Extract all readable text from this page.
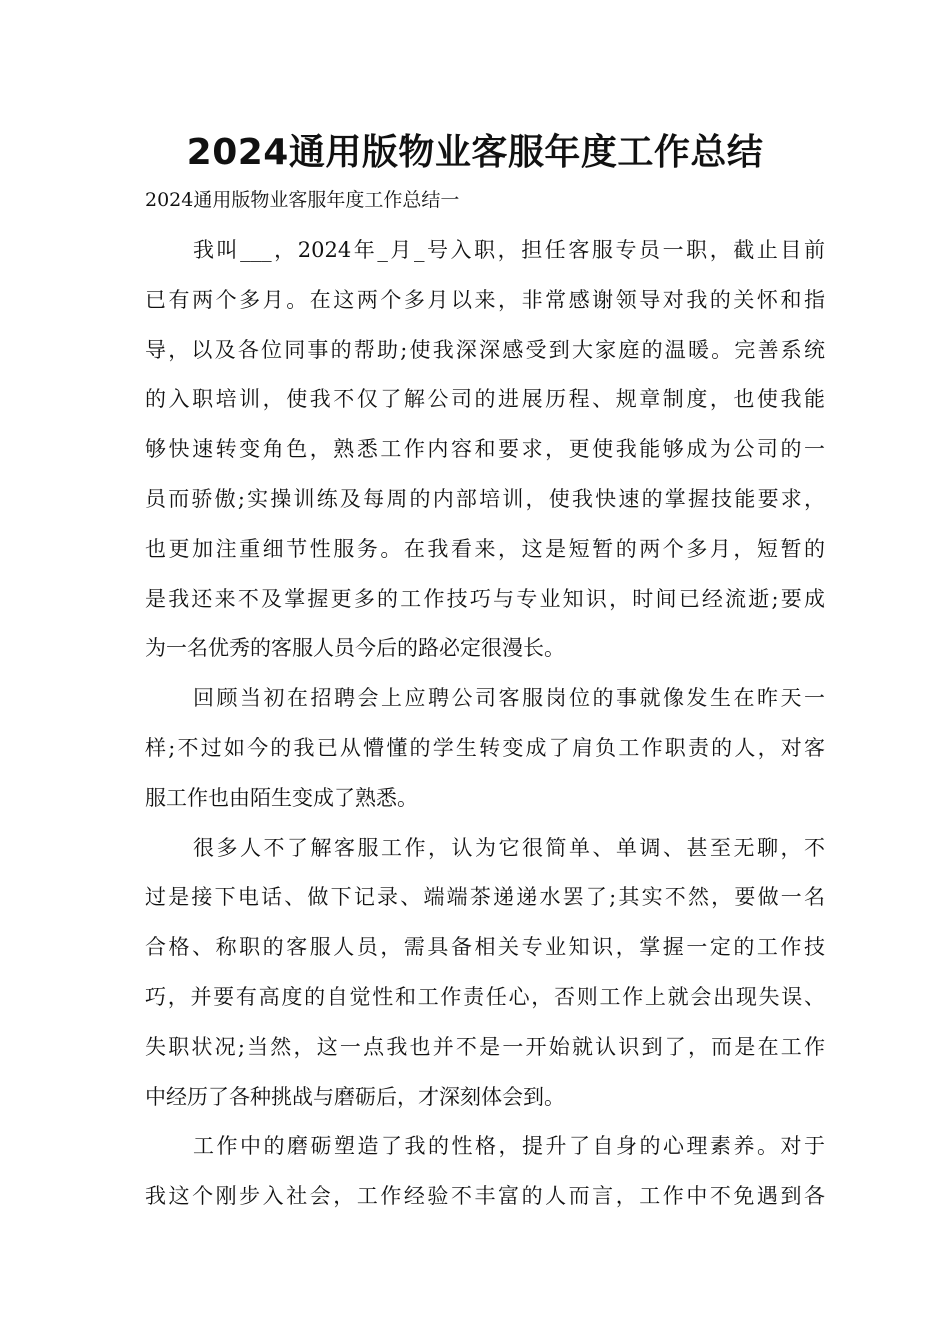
2024通用版物业客服年度工作总结

2024通用版物业客服年度工作总结一

我叫___，2024年_月_号入职，担任客服专员一职，截止目前

已有两个多月。在这两个多月以来，非常感谢领导对我的关怀和指

导，以及各位同事的帮助;使我深深感受到大家庭的温暖。完善系统

的入职培训，使我不仅了解公司的进展历程、规章制度，也使我能

够快速转变角色，熟悉工作内容和要求，更使我能够成为公司的一

员而骄傲;实操训练及每周的内部培训，使我快速的掌握技能要求，

也更加注重细节性服务。在我看来，这是短暂的两个多月，短暂的

是我还来不及掌握更多的工作技巧与专业知识，时间已经流逝;要成

为一名优秀的客服人员今后的路必定很漫长。

回顾当初在招聘会上应聘公司客服岗位的事就像发生在昨天一

样;不过如今的我已从懵懂的学生转变成了肩负工作职责的人，对客

服工作也由陌生变成了熟悉。

很多人不了解客服工作，认为它很简单、单调、甚至无聊，不

过是接下电话、做下记录、端端茶递递水罢了;其实不然，要做一名

合格、称职的客服人员，需具备相关专业知识，掌握一定的工作技

巧，并要有高度的自觉性和工作责任心，否则工作上就会出现失误、

失职状况;当然，这一点我也并不是一开始就认识到了，而是在工作

中经历了各种挑战与磨砺后，才深刻体会到。

工作中的磨砺塑造了我的性格，提升了自身的心理素养。对于

我这个刚步入社会，工作经验不丰富的人而言，工作中不免遇到各
